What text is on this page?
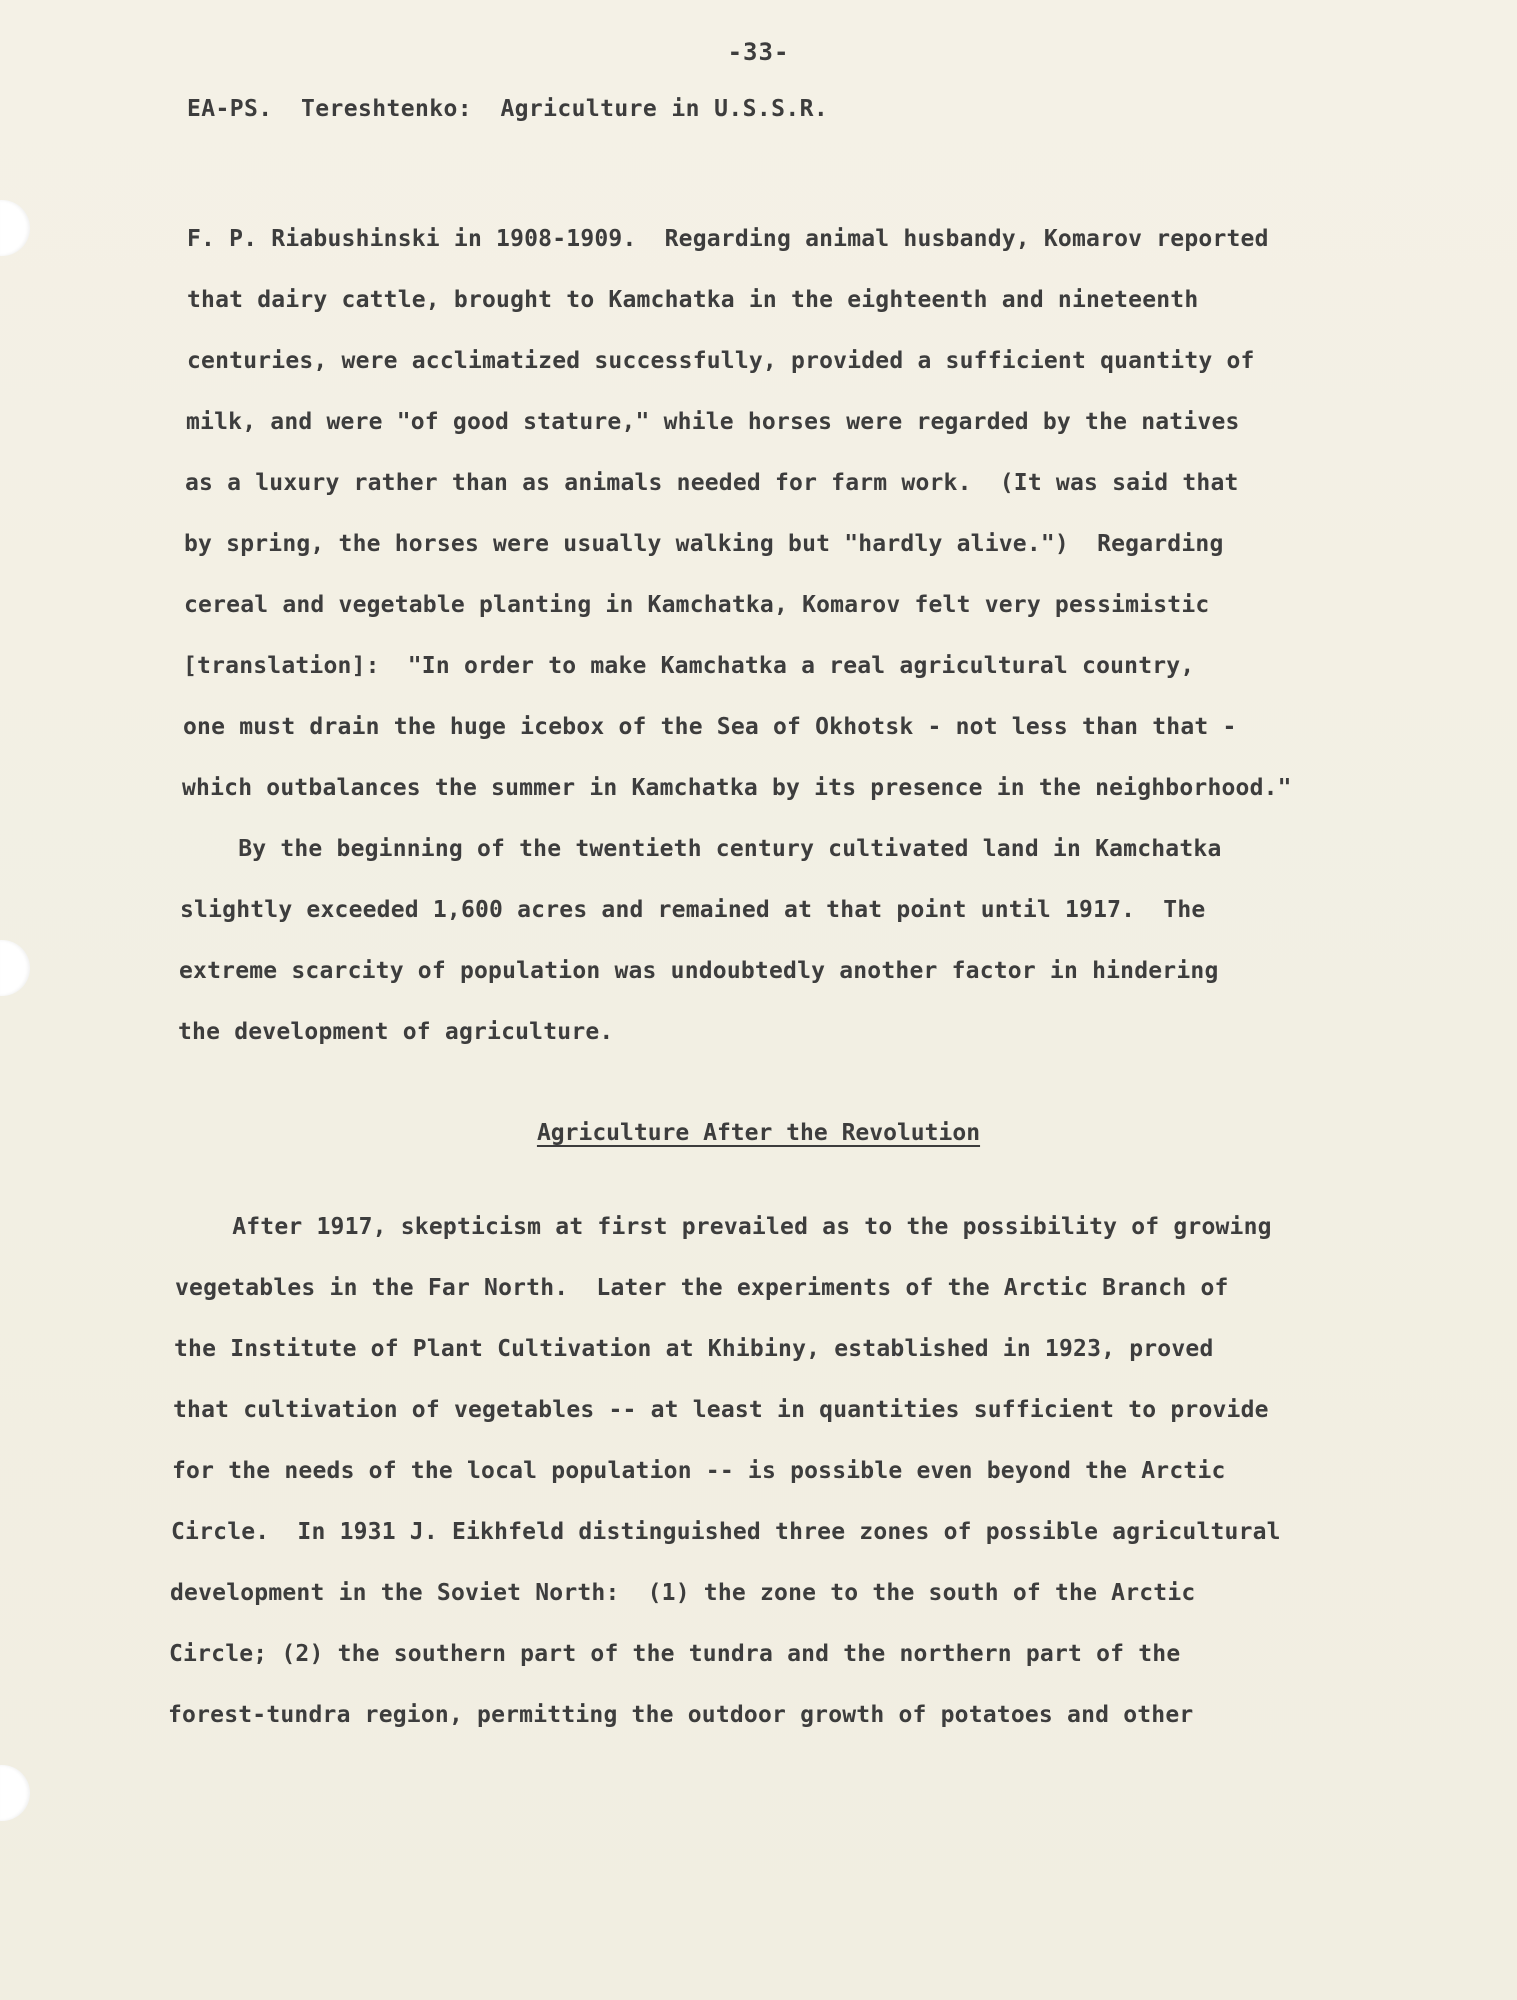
-33-
EA-PS.  Tereshtenko:  Agriculture in U.S.S.R.
F. P. Riabushinski in 1908-1909.  Regarding animal husbandy, Komarov reported
that dairy cattle, brought to Kamchatka in the eighteenth and nineteenth
centuries, were acclimatized successfully, provided a sufficient quantity of
milk, and were "of good stature," while horses were regarded by the natives
as a luxury rather than as animals needed for farm work.  (It was said that
by spring, the horses were usually walking but "hardly alive.")  Regarding
cereal and vegetable planting in Kamchatka, Komarov felt very pessimistic
[translation]:  "In order to make Kamchatka a real agricultural country,
one must drain the huge icebox of the Sea of Okhotsk - not less than that -
which outbalances the summer in Kamchatka by its presence in the neighborhood."
By the beginning of the twentieth century cultivated land in Kamchatka
slightly exceeded 1,600 acres and remained at that point until 1917.  The
extreme scarcity of population was undoubtedly another factor in hindering
the development of agriculture.
Agriculture After the Revolution
After 1917, skepticism at first prevailed as to the possibility of growing
vegetables in the Far North.  Later the experiments of the Arctic Branch of
the Institute of Plant Cultivation at Khibiny, established in 1923, proved
that cultivation of vegetables -- at least in quantities sufficient to provide
for the needs of the local population -- is possible even beyond the Arctic
Circle.  In 1931 J. Eikhfeld distinguished three zones of possible agricultural
development in the Soviet North:  (1) the zone to the south of the Arctic
Circle; (2) the southern part of the tundra and the northern part of the
forest-tundra region, permitting the outdoor growth of potatoes and other
